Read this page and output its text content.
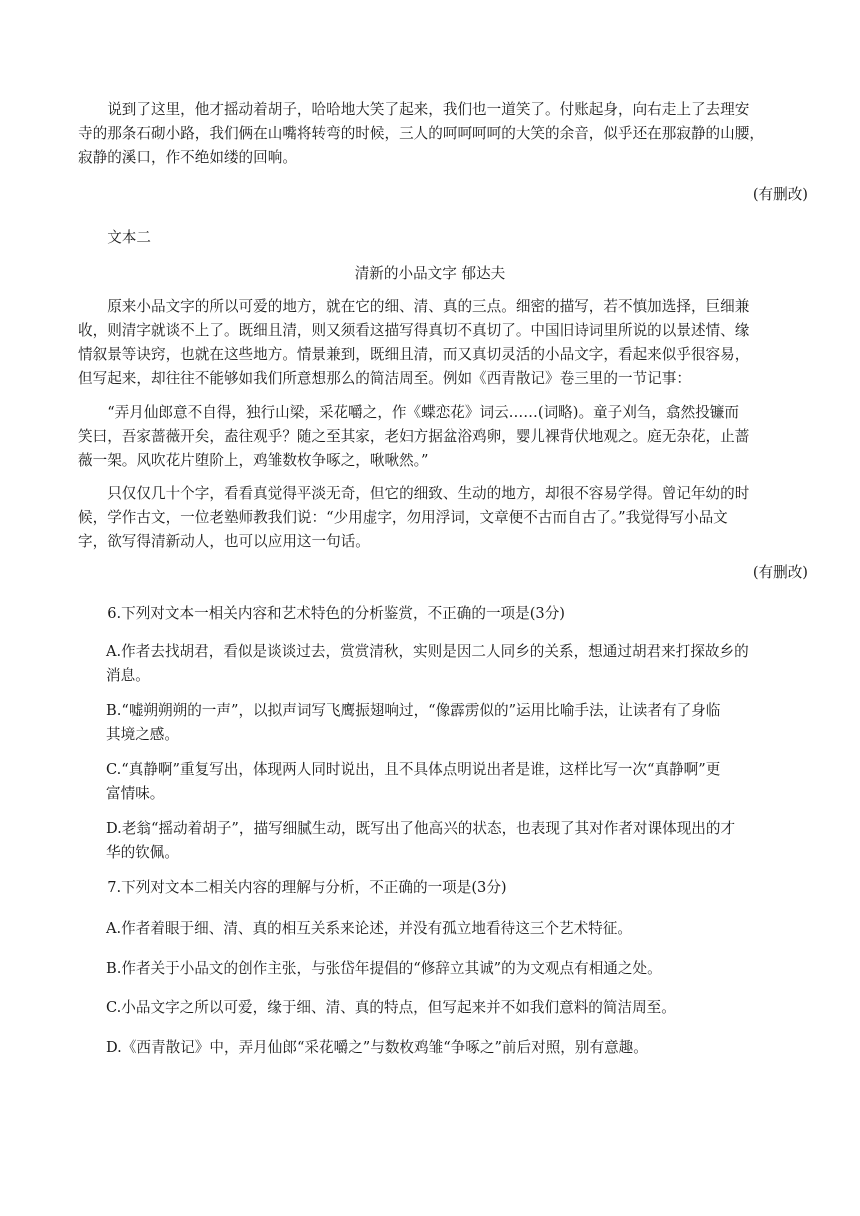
说到了这里，他才摇动着胡子，哈哈地大笑了起来，我们也一道笑了。付账起身，向右走上了去理安
寺的那条石砌小路，我们俩在山嘴将转弯的时候，三人的呵呵呵呵的大笑的余音，似乎还在那寂静的山腰，
寂静的溪口，作不绝如缕的回响。

(有删改)

文本二

清新的小品文字 郁达夫

原来小品文字的所以可爱的地方，就在它的细、清、真的三点。细密的描写，若不慎加选择，巨细兼
收，则清字就谈不上了。既细且清，则又须看这描写得真切不真切了。中国旧诗词里所说的以景述情、缘
情叙景等诀窍，也就在这些地方。情景兼到，既细且清，而又真切灵活的小品文字，看起来似乎很容易，
但写起来，却往往不能够如我们所意想那么的简洁周至。例如《西青散记》卷三里的一节记事：

“弄月仙郎意不自得，独行山梁，采花嚼之，作《蝶恋花》词云……(词略)。童子刈刍，翕然投镰而
笑曰，吾家蔷薇开矣，盍往观乎？随之至其家，老妇方据盆浴鸡卵，婴儿裸背伏地观之。庭无杂花，止蔷
薇一架。风吹花片堕阶上，鸡雏数枚争啄之，啾啾然。”

只仅仅几十个字，看看真觉得平淡无奇，但它的细致、生动的地方，却很不容易学得。曾记年幼的时
候，学作古文，一位老塾师教我们说：“少用虚字，勿用浮词，文章便不古而自古了。”我觉得写小品文
字，欲写得清新动人，也可以应用这一句话。

(有删改)

6.下列对文本一相关内容和艺术特色的分析鉴赏，不正确的一项是(3分)

A.作者去找胡君，看似是谈谈过去，赏赏清秋，实则是因二人同乡的关系，想通过胡君来打探故乡的
消息。

B.“嘘朔朔朔的一声”，以拟声词写飞鹰振翅响过，“像霹雳似的”运用比喻手法，让读者有了身临
其境之感。

C.“真静啊”重复写出，体现两人同时说出，且不具体点明说出者是谁，这样比写一次“真静啊”更
富情味。

D.老翁“摇动着胡子”，描写细腻生动，既写出了他高兴的状态，也表现了其对作者对课体现出的才
华的钦佩。

7.下列对文本二相关内容的理解与分析，不正确的一项是(3分)

A.作者着眼于细、清、真的相互关系来论述，并没有孤立地看待这三个艺术特征。

B.作者关于小品文的创作主张，与张岱年提倡的“修辞立其诚”的为文观点有相通之处。

C.小品文字之所以可爱，缘于细、清、真的特点，但写起来并不如我们意料的简洁周至。

D.《西青散记》中，弄月仙郎“采花嚼之”与数枚鸡雏“争啄之”前后对照，别有意趣。
